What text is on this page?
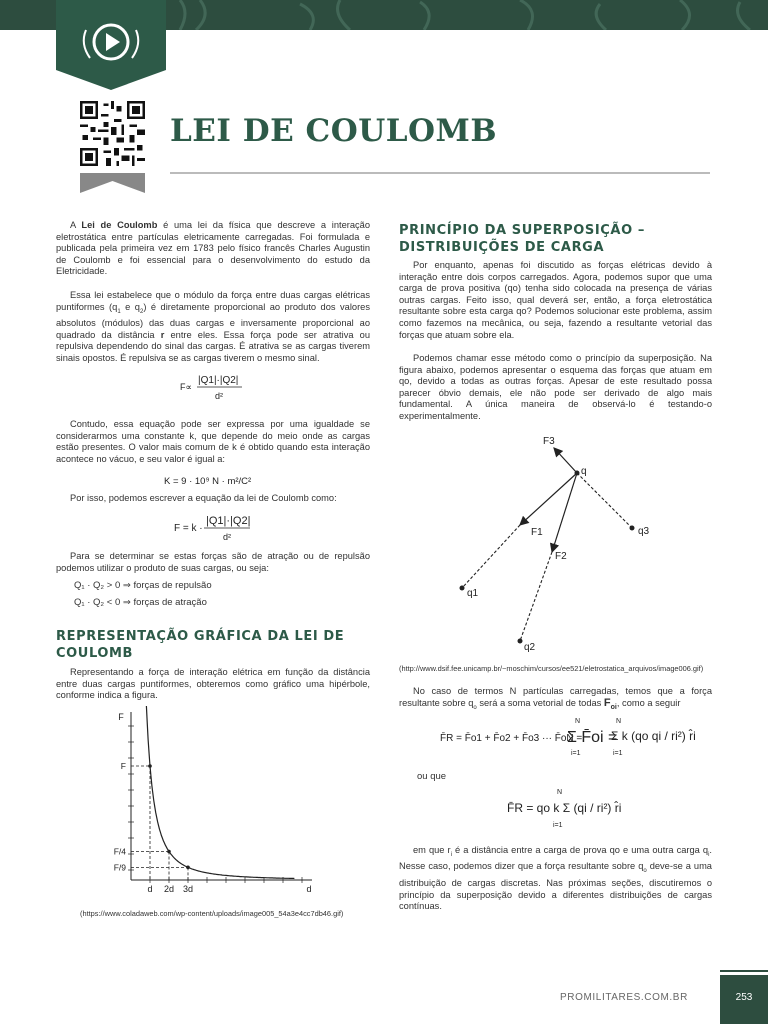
LEI DE COULOMB

A Lei de Coulomb é uma lei da física que descreve a interação eletrostática entre partículas eletricamente carregadas. Foi formulada e publicada pela primeira vez em 1783 pelo físico francês Charles Augustin de Coulomb e foi essencial para o desenvolvimento do estudo da Eletricidade.

Essa lei estabelece que o módulo da força entre duas cargas elétricas puntiformes ($q_1$ e $q_2$) é diretamente proporcional ao produto dos valores absolutos (módulos) das duas cargas e inversamente proporcional ao quadrado da distância r entre eles. Essa força pode ser atrativa ou repulsiva dependendo do sinal das cargas. É atrativa se as cargas tiverem sinais opostos. É repulsiva se as cargas tiverem o mesmo sinal.

F∝
|Q1|·|Q2|
d²

Contudo, essa equação pode ser expressa por uma igualdade se considerarmos uma constante k, que depende do meio onde as cargas estão presentes. O valor mais comum de k é obtido quando esta interação acontece no vácuo, e seu valor é igual a:

K = 9 · 10⁹ N · m²/C²

Por isso, podemos escrever a equação da lei de Coulomb como:

F = k ·
|Q1|·|Q2|
d²

Para se determinar se estas forças são de atração ou de repulsão podemos utilizar o produto de suas cargas, ou seja:

Q₁ · Q₂ > 0 ⇒ forças de repulsão
Q₁ · Q₂ < 0 ⇒ forças de atração
REPRESENTAÇÃO GRÁFICA DA LEI DE COULOMB

Representando a força de interação elétrica em função da distância entre duas cargas puntiformes, obteremos como gráfico uma hipérbole, conforme indica a figura.

d
F
2d
F/4
3d
F/9
F
d
(https://www.coladaweb.com/wp-content/uploads/image005_54a3e4cc7db46.gif)
PRINCÍPIO DA SUPERPOSIÇÃO – DISTRIBUIÇÕES DE CARGA

Por enquanto, apenas foi discutido as forças elétricas devido à interação entre dois corpos carregados. Agora, podemos supor que uma carga de prova positiva (qo) tenha sido colocada na presença de várias outras cargas. Feito isso, qual deverá ser, então, a força eletrostática resultante sobre esta carga qo? Podemos solucionar este problema, assim como fazemos na mecânica, ou seja, fazendo a resultante vetorial das forças que atuam sobre ela.

Podemos chamar esse método como o princípio da superposição. Na figura abaixo, podemos apresentar o esquema das forças que atuam em qo, devido a todas as outras forças. Apesar de este resultado possa parecer óbvio demais, ele não pode ser derivado de algo mais fundamental. A única maneira de observá-lo é testando-o experimentalmente.

F3
q
F1
F2
q1
q2
q3
(http://www.dsif.fee.unicamp.br/~moschim/cursos/ee521/eletrostatica_arquivos/image006.gif)

No caso de termos N partículas carregadas, temos que a força resultante sobre $q_o$ será a soma vetorial de todas $F_{oi}$, como a seguir

F̄R = F̄o1 + F̄o2 + F̄o3 ··· F̄oN =
N
Σ F̄oi =
i=1
N
Σ k (qo qi / ri²) r̂i
i=1
ou que
N
F̄R = qo k Σ (qi / ri²) r̂i
i=1

em que $r_i$ é a distância entre a carga de prova qo e uma outra carga $q_i$. Nesse caso, podemos dizer que a força resultante sobre $q_o$ deve-se a uma distribuição de cargas discretas. Nas próximas seções, discutiremos o princípio da superposição devido a diferentes distribuições de cargas contínuas.

PROMILITARES.COM.BR	253
